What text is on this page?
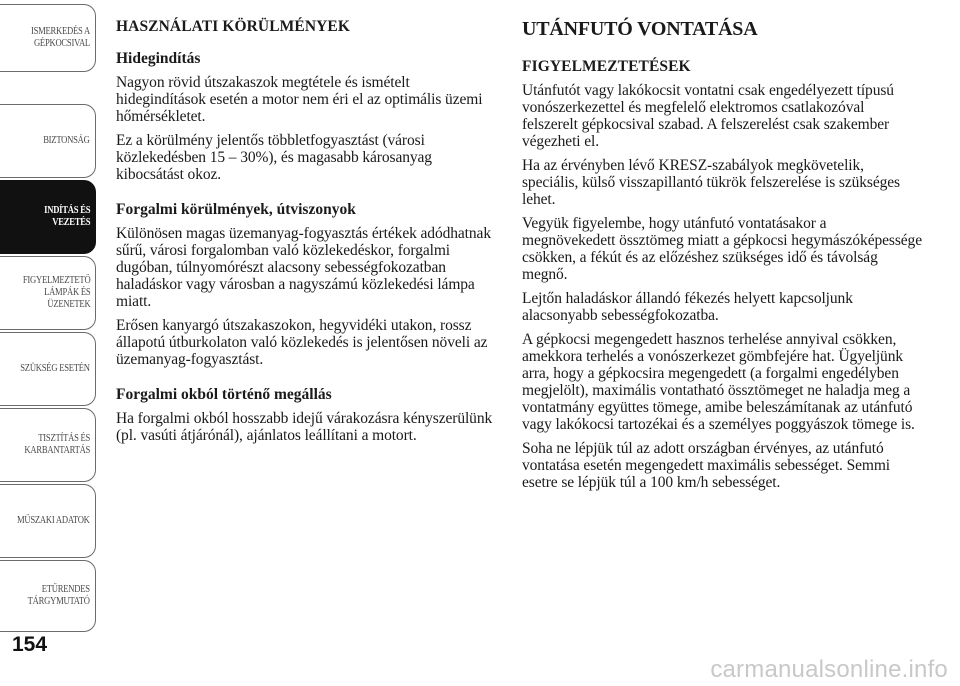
ISMERKEDÉS A
GÉPKOCSIVAL
BIZTONSÁG
INDÍTÁS ÉS
VEZETÉS
FIGYELMEZTETŐ
LÁMPÁK ÉS
ÜZENETEK
SZÜKSÉG ESETÉN
TISZTÍTÁS ÉS
KARBANTARTÁS
MŰSZAKI ADATOK
ETŰRENDES
TÁRGYMUTATÓ
154
HASZNÁLATI KÖRÜLMÉNYEK
Hidegindítás

Nagyon rövid útszakaszok megtétele és ismételt hidegindítások esetén a motor nem éri el az optimális üzemi hőmérsékletet.

Ez a körülmény jelentős többletfogyasztást (városi közlekedésben 15 – 30%), és magasabb károsanyag kibocsátást okoz.

Forgalmi körülmények, útviszonyok

Különösen magas üzemanyag-fogyasztás értékek adódhatnak sűrű, városi forgalomban való közlekedéskor, forgalmi dugóban, túlnyomórészt alacsony sebességfokozatban haladáskor vagy városban a nagyszámú közlekedési lámpa miatt.

Erősen kanyargó útszakaszokon, hegyvidéki utakon, rossz állapotú útburkolaton való közlekedés is jelentősen növeli az üzemanyag-fogyasztást.

Forgalmi okból történő megállás

Ha forgalmi okból hosszabb idejű várakozásra kényszerülünk (pl. vasúti átjárónál), ajánlatos leállítani a motort.

UTÁNFUTÓ VONTATÁSA
FIGYELMEZTETÉSEK

Utánfutót vagy lakókocsit vontatni csak engedélyezett típusú vonószerkezettel és megfelelő elektromos csatlakozóval felszerelt gépkocsival szabad. A felszerelést csak szakember végezheti el.

Ha az érvényben lévő KRESZ-szabályok megkövetelik, speciális, külső visszapillantó tükrök felszerelése is szükséges lehet.

Vegyük figyelembe, hogy utánfutó vontatásakor a megnövekedett össztömeg miatt a gépkocsi hegymászóképessége csökken, a fékút és az előzéshez szükséges idő és távolság megnő.

Lejtőn haladáskor állandó fékezés helyett kapcsoljunk alacsonyabb sebességfokozatba.

A gépkocsi megengedett hasznos terhelése annyival csökken, amekkora terhelés a vonószerkezet gömbfejére hat. Ügyeljünk arra, hogy a gépkocsira megengedett (a forgalmi engedélyben megjelölt), maximális vontatható össztömeget ne haladja meg a vontatmány együttes tömege, amibe beleszámítanak az utánfutó vagy lakókocsi tartozékai és a személyes poggyászok tömege is.

Soha ne lépjük túl az adott országban érvényes, az utánfutó vontatása esetén megengedett maximális sebességet. Semmi esetre se lépjük túl a 100 km/h sebességet.

carmanualsonline.info
